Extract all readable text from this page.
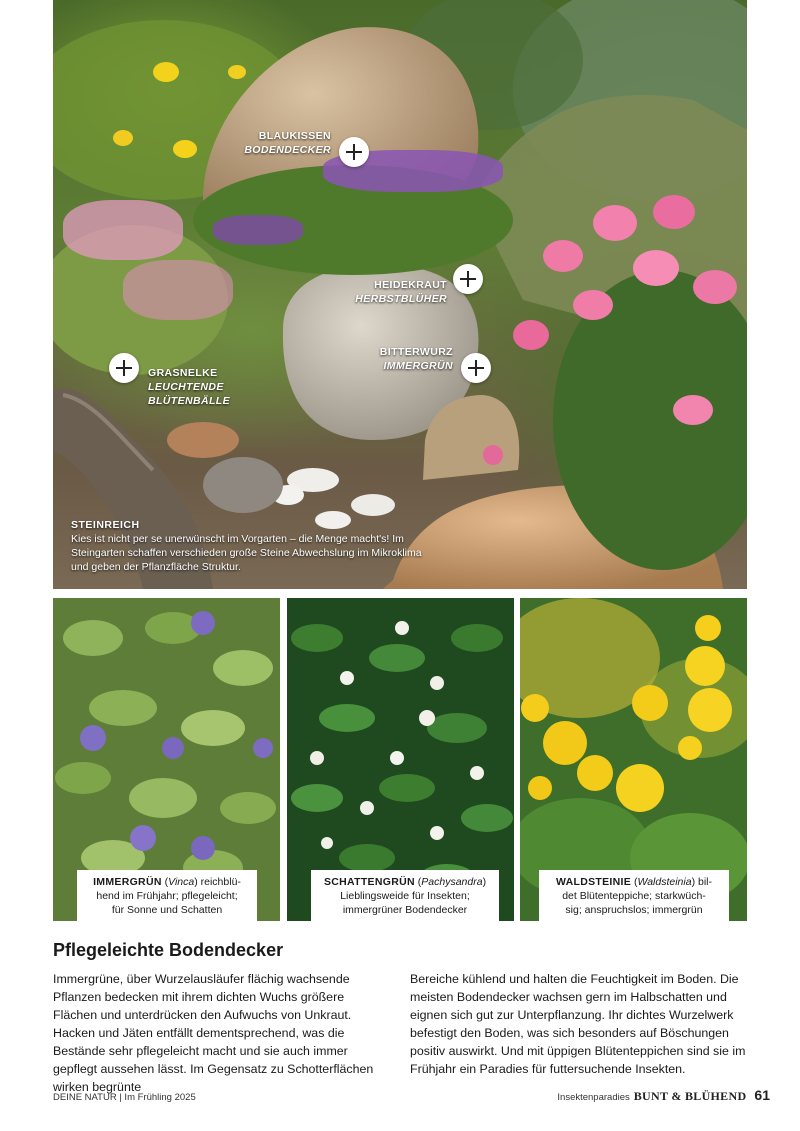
BLAUKISSEN
BODENDECKER
HEIDEKRAUT
HERBSTBLÜHER
BITTERWURZ
IMMERGRÜN
GRASNELKE
LEUCHTENDE
BLÜTENBÄLLE
STEINREICH
Kies ist nicht per se unerwünscht im Vorgarten – die Menge macht's! Im Steingarten schaffen verschieden große Steine Abwechslung im Mikroklima und geben der Pflanzfläche Struktur.
IMMERGRÜN (Vinca) reichblü-
hend im Frühjahr; pflegeleicht;
für Sonne und Schatten
SCHATTENGRÜN (Pachysandra)
Lieblingsweide für Insekten;
immergrüner Bodendecker
WALDSTEINIE (Waldsteinia) bil-
det Blütenteppiche; starkwüch-
sig; anspruchslos; immergrün
Pflegeleichte Bodendecker
Immergrüne, über Wurzelausläufer flächig wachsende Pflanzen bedecken mit ihrem dichten Wuchs größere Flächen und unterdrücken den Aufwuchs von Unkraut. Hacken und Jäten entfällt dementsprechend, was die Bestände sehr pflegeleicht macht und sie auch immer gepflegt aussehen lässt. Im Gegensatz zu Schotterflächen wirken begrünte
Bereiche kühlend und halten die Feuchtigkeit im Boden. Die meisten Bodendecker wachsen gern im Halbschatten und eignen sich gut zur Unterpflanzung. Ihr dichtes Wurzelwerk befestigt den Boden, was sich besonders auf Böschungen positiv auswirkt. Und mit üppigen Blütenteppichen sind sie im Frühjahr ein Paradies für futtersuchende Insekten.
DEINE NATUR | Im Frühling 2025	Insektenparadies BUNT & BLÜHEND 61
